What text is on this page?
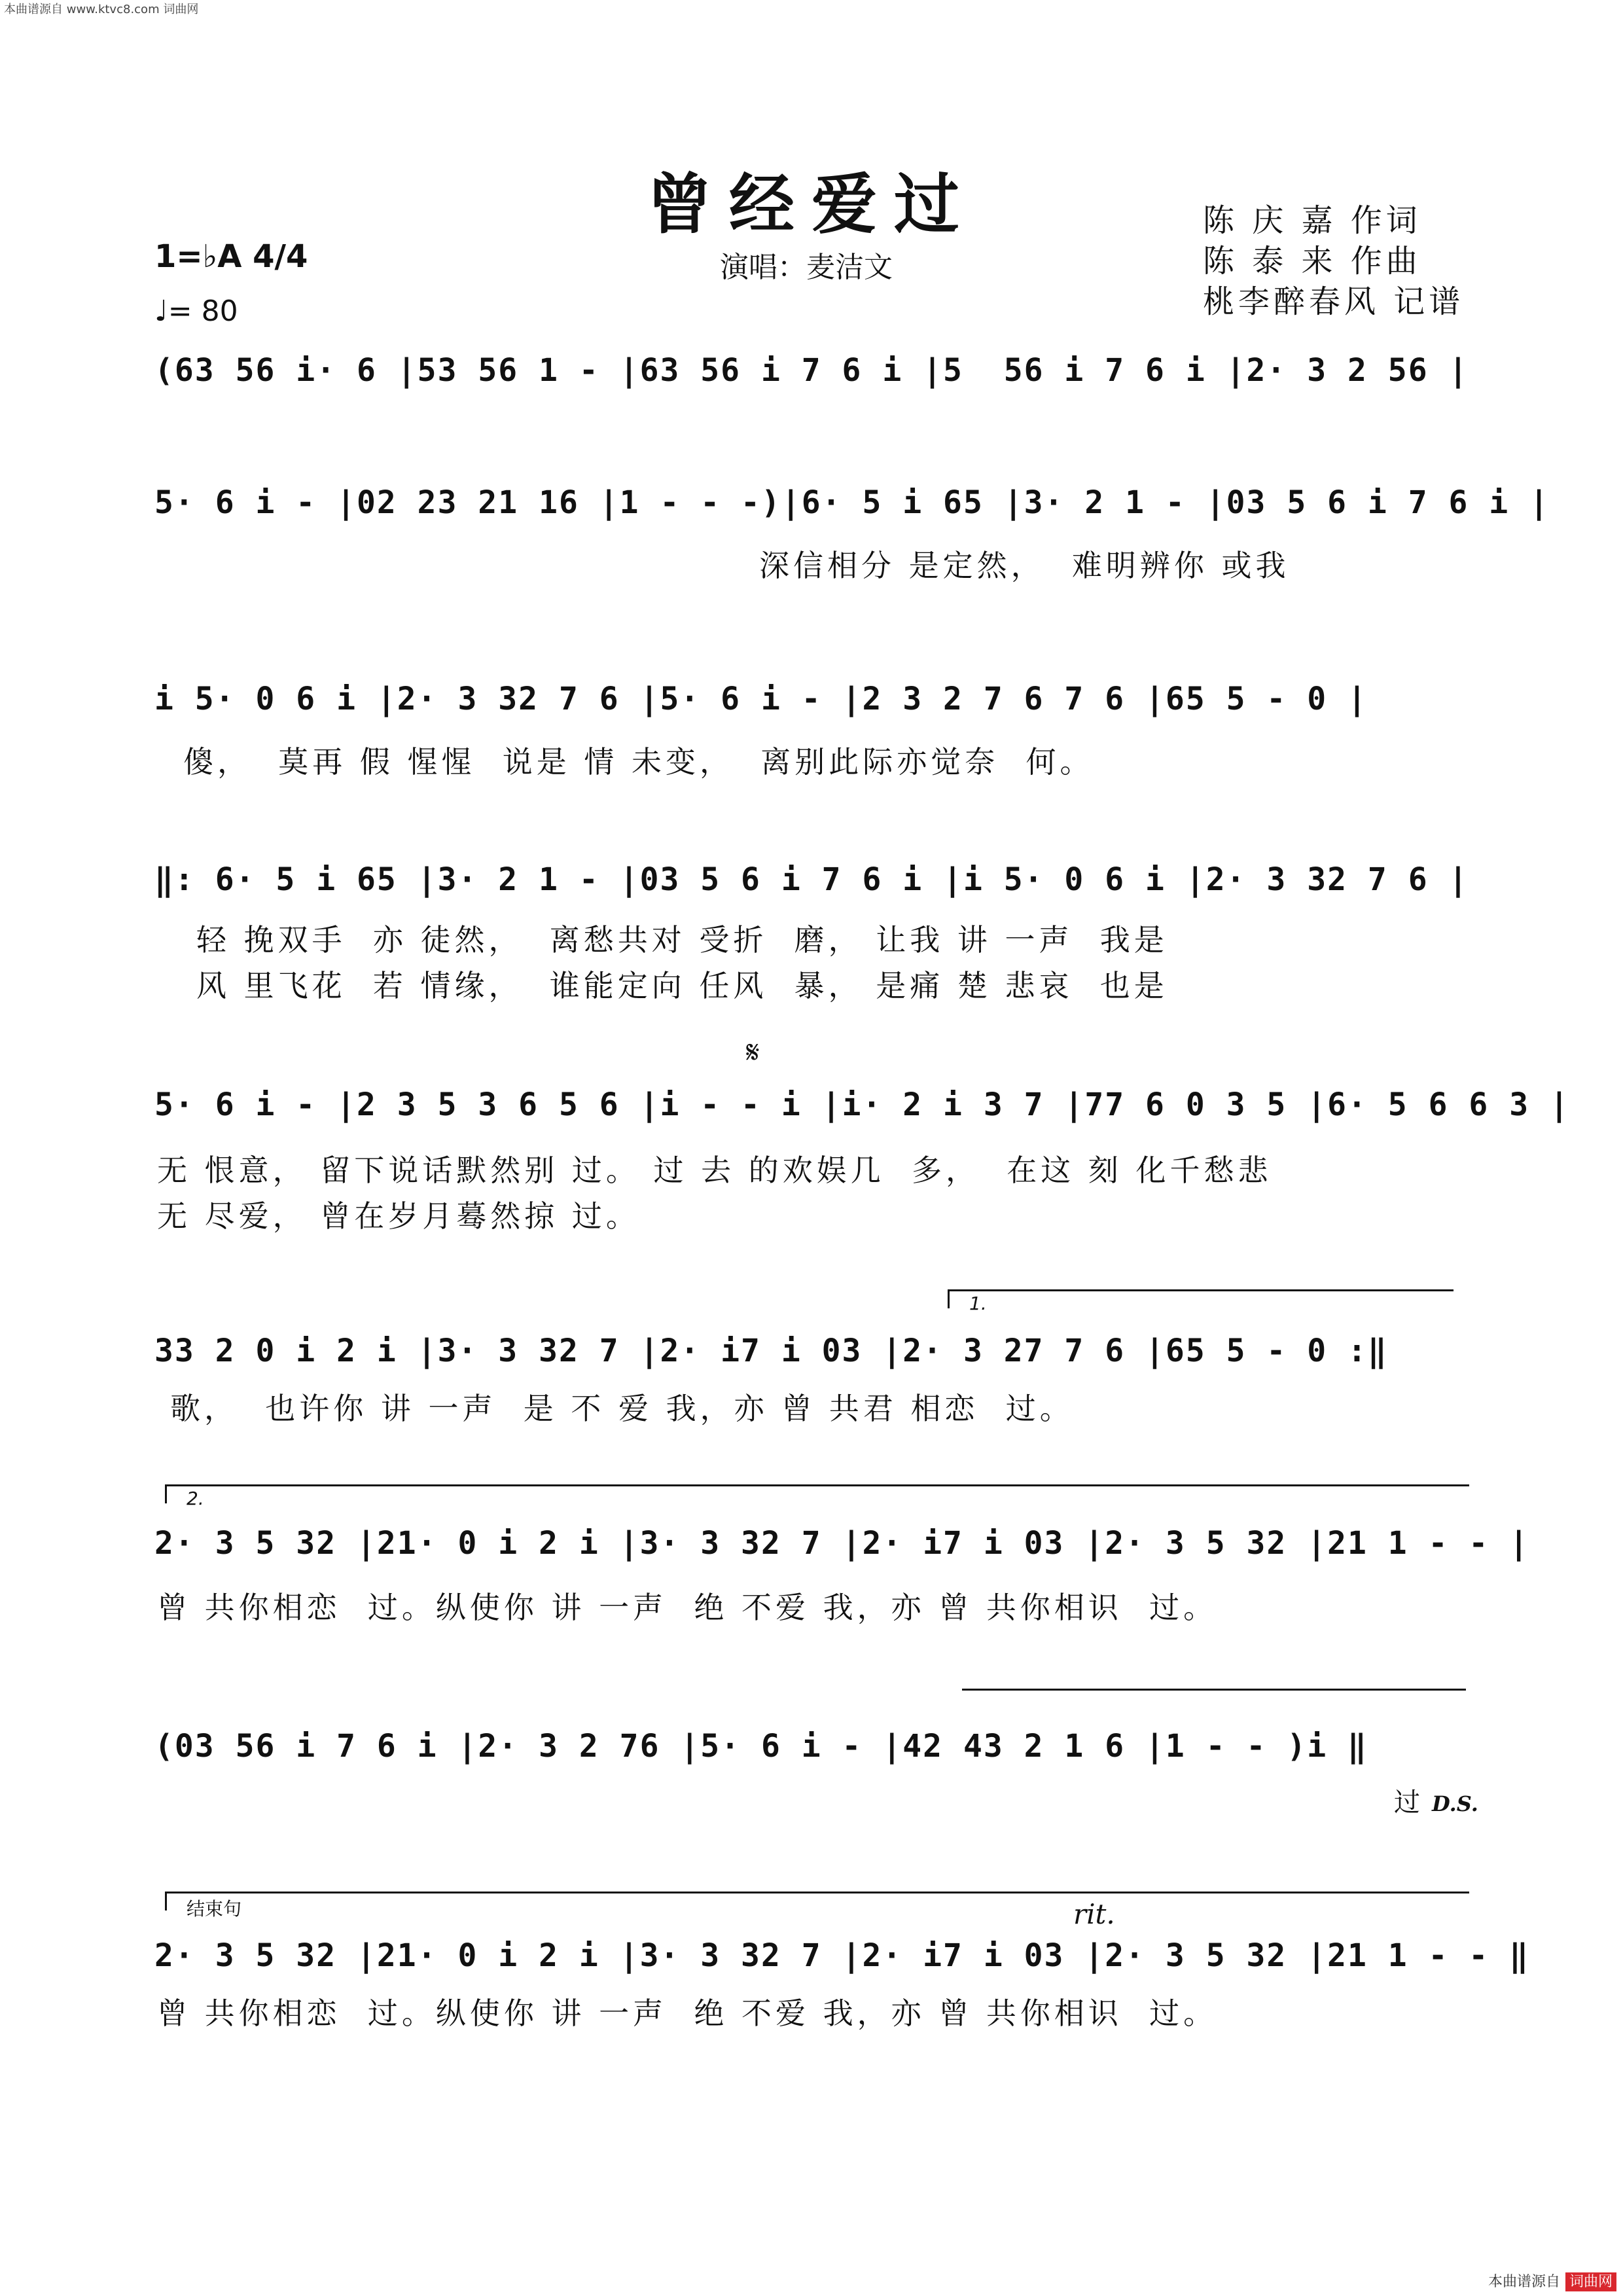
本曲谱源自 www.ktvc8.com 词曲网
曾经爱过
演唱：麦洁文
陈 庆 嘉 作词
陈 泰 来 作曲
桃李醉春风 记谱
1=♭A 4/4
♩= 80
(63 56 i· 6 |53 56 1 - |63 56 i 7 6 i |5  56 i 7 6 i |2· 3 2 56 |
5· 6 i - |02 23 21 16 |1 - - -)|6· 5 i 65 |3· 2 1 - |03 5 6 i 7 6 i |
深信相分 是定然，  难明辨你 或我
i 5· 0 6 i |2· 3 32 7 6 |5· 6 i - |2 3 2 7 6 7 6 |65 5 - 0 |
傻，  莫再 假 惺惺  说是 情 未变，  离别此际亦觉奈  何。
‖: 6· 5 i 65 |3· 2 1 - |03 5 6 i 7 6 i |i 5· 0 6 i |2· 3 32 7 6 |
轻 挽双手  亦 徒然，  离愁共对 受折  磨， 让我 讲 一声  我是
风 里飞花  若 情缘，  谁能定向 任风  暴， 是痛 楚 悲哀  也是
𝄋
5· 6 i - |2 3 5 3 6 5 6 |i - - i |i· 2 i 3 7 |77 6 0 3 5 |6· 5 6 6 3 |
无 恨意， 留下说话默然别 过。 过 去 的欢娱几  多，  在这 刻 化千愁悲
无 尽爱， 曾在岁月蓦然掠 过。
1.
33 2 0 i 2 i |3· 3 32 7 |2· i7 i 03 |2· 3 27 7 6 |65 5 - 0 :‖
歌，  也许你 讲 一声  是 不 爱 我，亦 曾 共君 相恋  过。
2.
2· 3 5 32 |21· 0 i 2 i |3· 3 32 7 |2· i7 i 03 |2· 3 5 32 |21 1 - - |
曾 共你相恋  过。纵使你 讲 一声  绝 不爱 我，亦 曾 共你相识  过。
(03 56 i 7 6 i |2· 3 2 76 |5· 6 i - |42 43 2 1 6 |1 - - )i ‖
过 D.S.
结束句	rit.
2· 3 5 32 |21· 0 i 2 i |3· 3 32 7 |2· i7 i 03 |2· 3 5 32 |21 1 - - ‖
曾 共你相恋  过。纵使你 讲 一声  绝 不爱 我，亦 曾 共你相识  过。
本曲谱源自 词曲网
